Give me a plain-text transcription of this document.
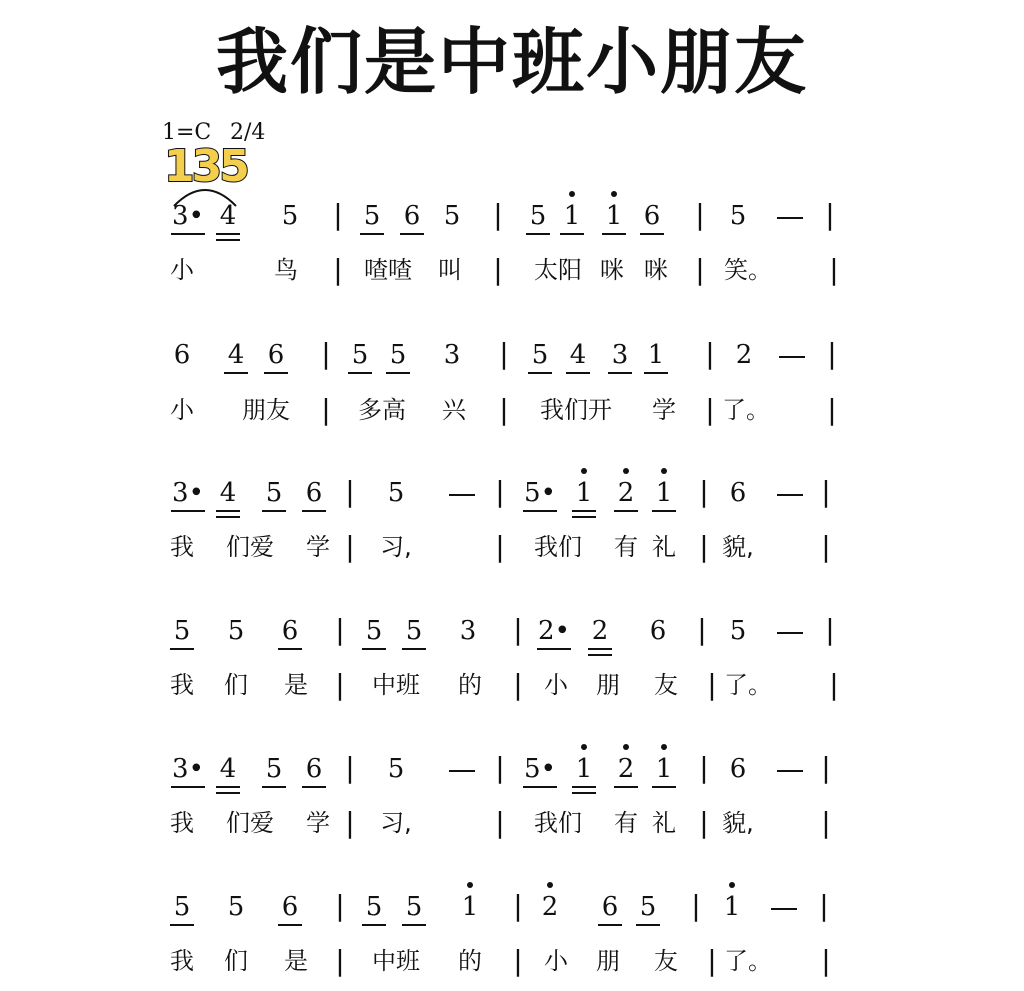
我们是中班小朋友
1=C 2/4
135
3• 4 5 | 5 6 5 | 5 1 1 6 | 5	|
小	鸟 | 喳喳 叫 | 太阳 咪 咪 | 笑。 |
6 4 6 | 5 5 3 | 5 4 3 1 | 2	|
小 朋友 | 多高 兴 | 我们开 学 | 了。 |
3• 4 5 6 | 5	| 5• 1 2 1 | 6	|
我 们爱 学 | 习,	| 我们 有 礼 | 貌, |
5 5 6 | 5 5 3 | 2• 2 6 | 5	|
我 们 是 | 中班 的 | 小 朋 友 | 了。 |
3• 4 5 6 | 5	| 5• 1 2 1 | 6	|
我 们爱 学 | 习,	| 我们 有 礼 | 貌, |
5 5 6 | 5 5 1 | 2 6 5 | 1	|
我 们 是 | 中班 的 | 小 朋 友 | 了。 |
